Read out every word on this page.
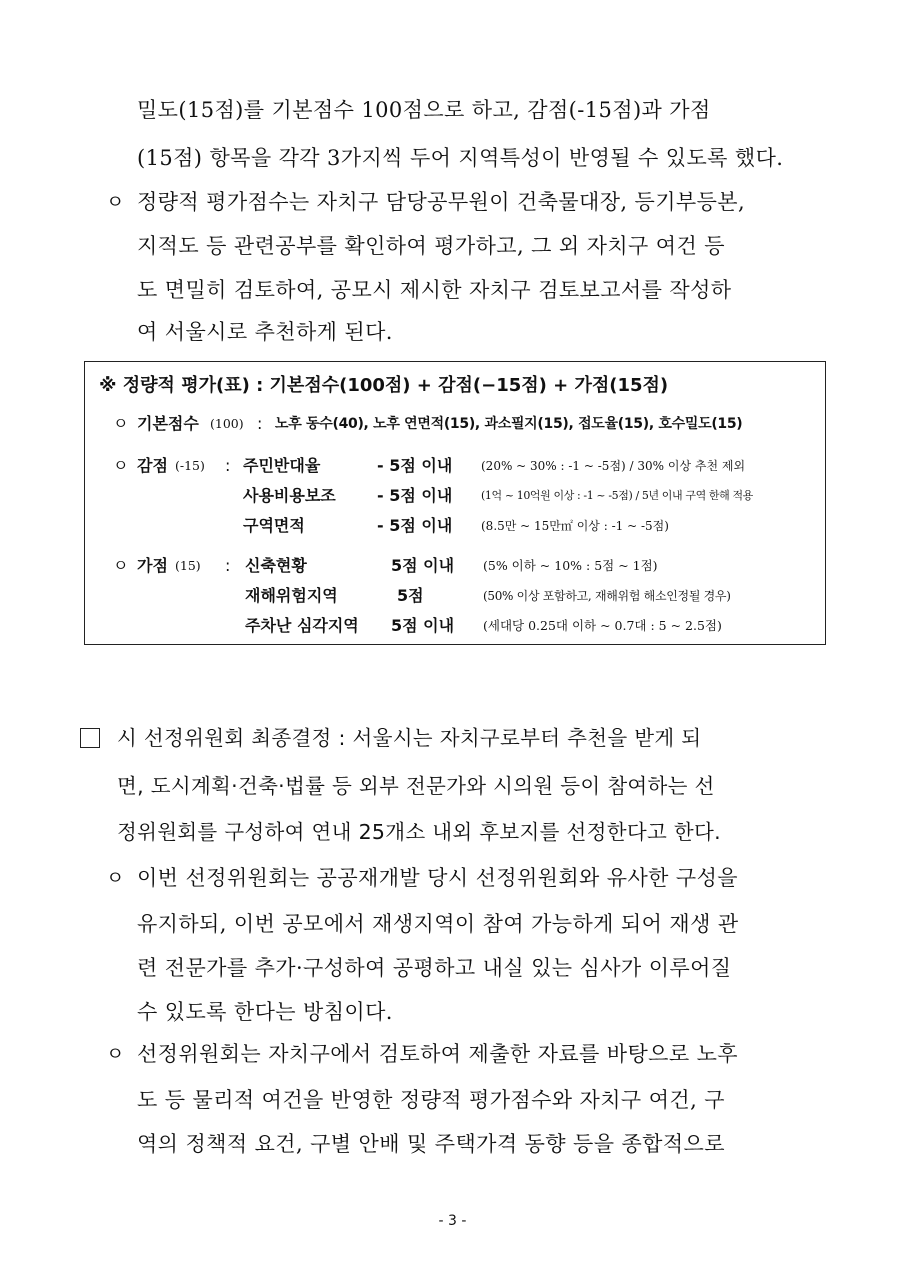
밀도(15점)를 기본점수 100점으로 하고, 감점(-15점)과 가점
(15점) 항목을 각각 3가지씩 두어 지역특성이 반영될 수 있도록 했다.
ㅇ 정량적 평가점수는 자치구 담당공무원이 건축물대장, 등기부등본,
지적도 등 관련공부를 확인하여 평가하고, 그 외 자치구 여건 등
도 면밀히 검토하여, 공모시 제시한 자치구 검토보고서를 작성하
여 서울시로 추천하게 된다.
※ 정량적 평가(표) : 기본점수(100점) + 감점(−15점) + 가점(15점)
ㅇ 기본점수 (100) : 노후 동수(40), 노후 연면적(15), 과소필지(15), 접도율(15), 호수밀도(15)
ㅇ 감점 (-15) : 주민반대율	- 5점 이내 (20% ~ 30% : -1 ~ -5점) / 30% 이상 추천 제외
사용비용보조	- 5점 이내	(1억 ~ 10억원 이상 : -1 ~ -5점) / 5년 이내 구역 한해 적용
구역면적	- 5점 이내 (8.5만 ~ 15만㎡ 이상 : -1 ~ -5점)
ㅇ 가점 (15) : 신축현황	5점 이내 (5% 이하 ~ 10% : 5점 ~ 1점)
재해위험지역	5점	(50% 이상 포함하고, 재해위험 해소인정될 경우)
주차난 심각지역 5점 이내 (세대당 0.25대 이하 ~ 0.7대 : 5 ~ 2.5점)
시 선정위원회 최종결정 : 서울시는 자치구로부터 추천을 받게 되
면, 도시계획·건축·법률 등 외부 전문가와 시의원 등이 참여하는 선
정위원회를 구성하여 연내 25개소 내외 후보지를 선정한다고 한다.
ㅇ 이번 선정위원회는 공공재개발 당시 선정위원회와 유사한 구성을
유지하되, 이번 공모에서 재생지역이 참여 가능하게 되어 재생 관
련 전문가를 추가·구성하여 공평하고 내실 있는 심사가 이루어질
수 있도록 한다는 방침이다.
ㅇ 선정위원회는 자치구에서 검토하여 제출한 자료를 바탕으로 노후
도 등 물리적 여건을 반영한 정량적 평가점수와 자치구 여건, 구
역의 정책적 요건, 구별 안배 및 주택가격 동향 등을 종합적으로
- 3 -
